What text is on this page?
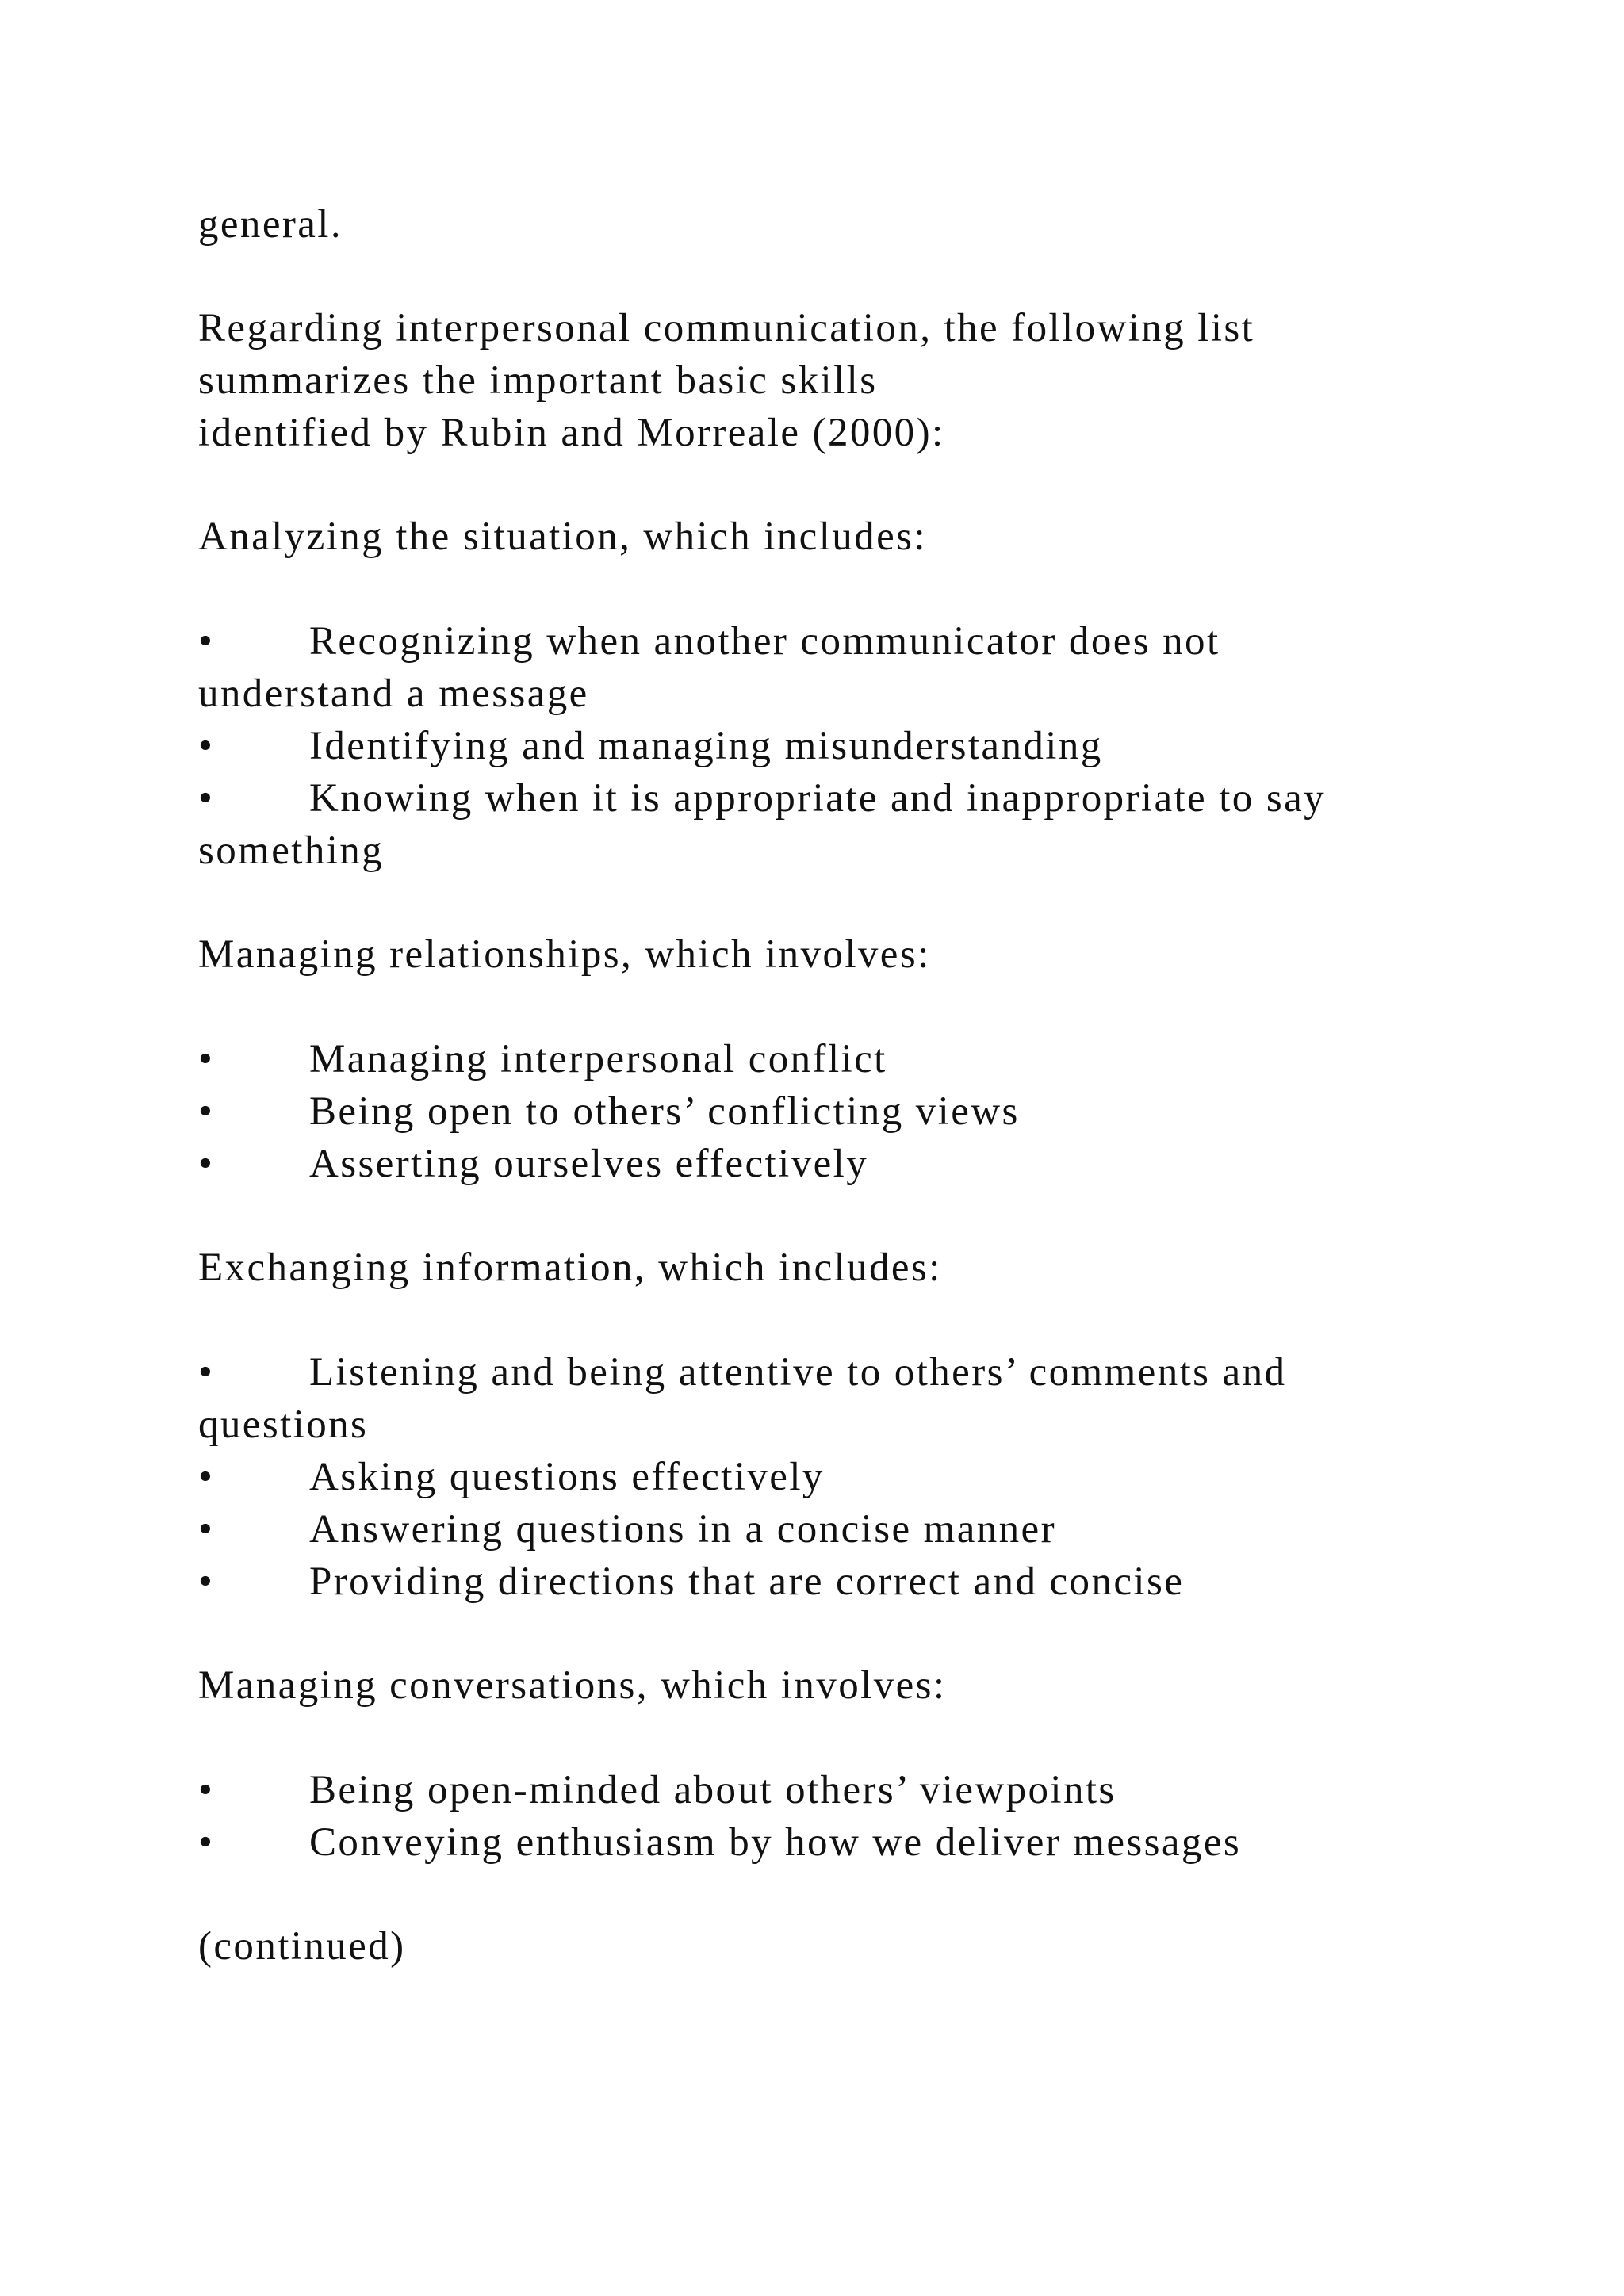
general.

Regarding interpersonal communication, the following list

summarizes the important basic skills

identified by Rubin and Morreale (2000):

Analyzing the situation, which includes:

• Recognizing when another communicator does not

understand a message

• Identifying and managing misunderstanding

• Knowing when it is appropriate and inappropriate to say

something

Managing relationships, which involves:

• Managing interpersonal conflict

• Being open to others’ conflicting views

• Asserting ourselves effectively

Exchanging information, which includes:

• Listening and being attentive to others’ comments and

questions

• Asking questions effectively

• Answering questions in a concise manner

• Providing directions that are correct and concise

Managing conversations, which involves:

• Being open-minded about others’ viewpoints

• Conveying enthusiasm by how we deliver messages

(continued)
